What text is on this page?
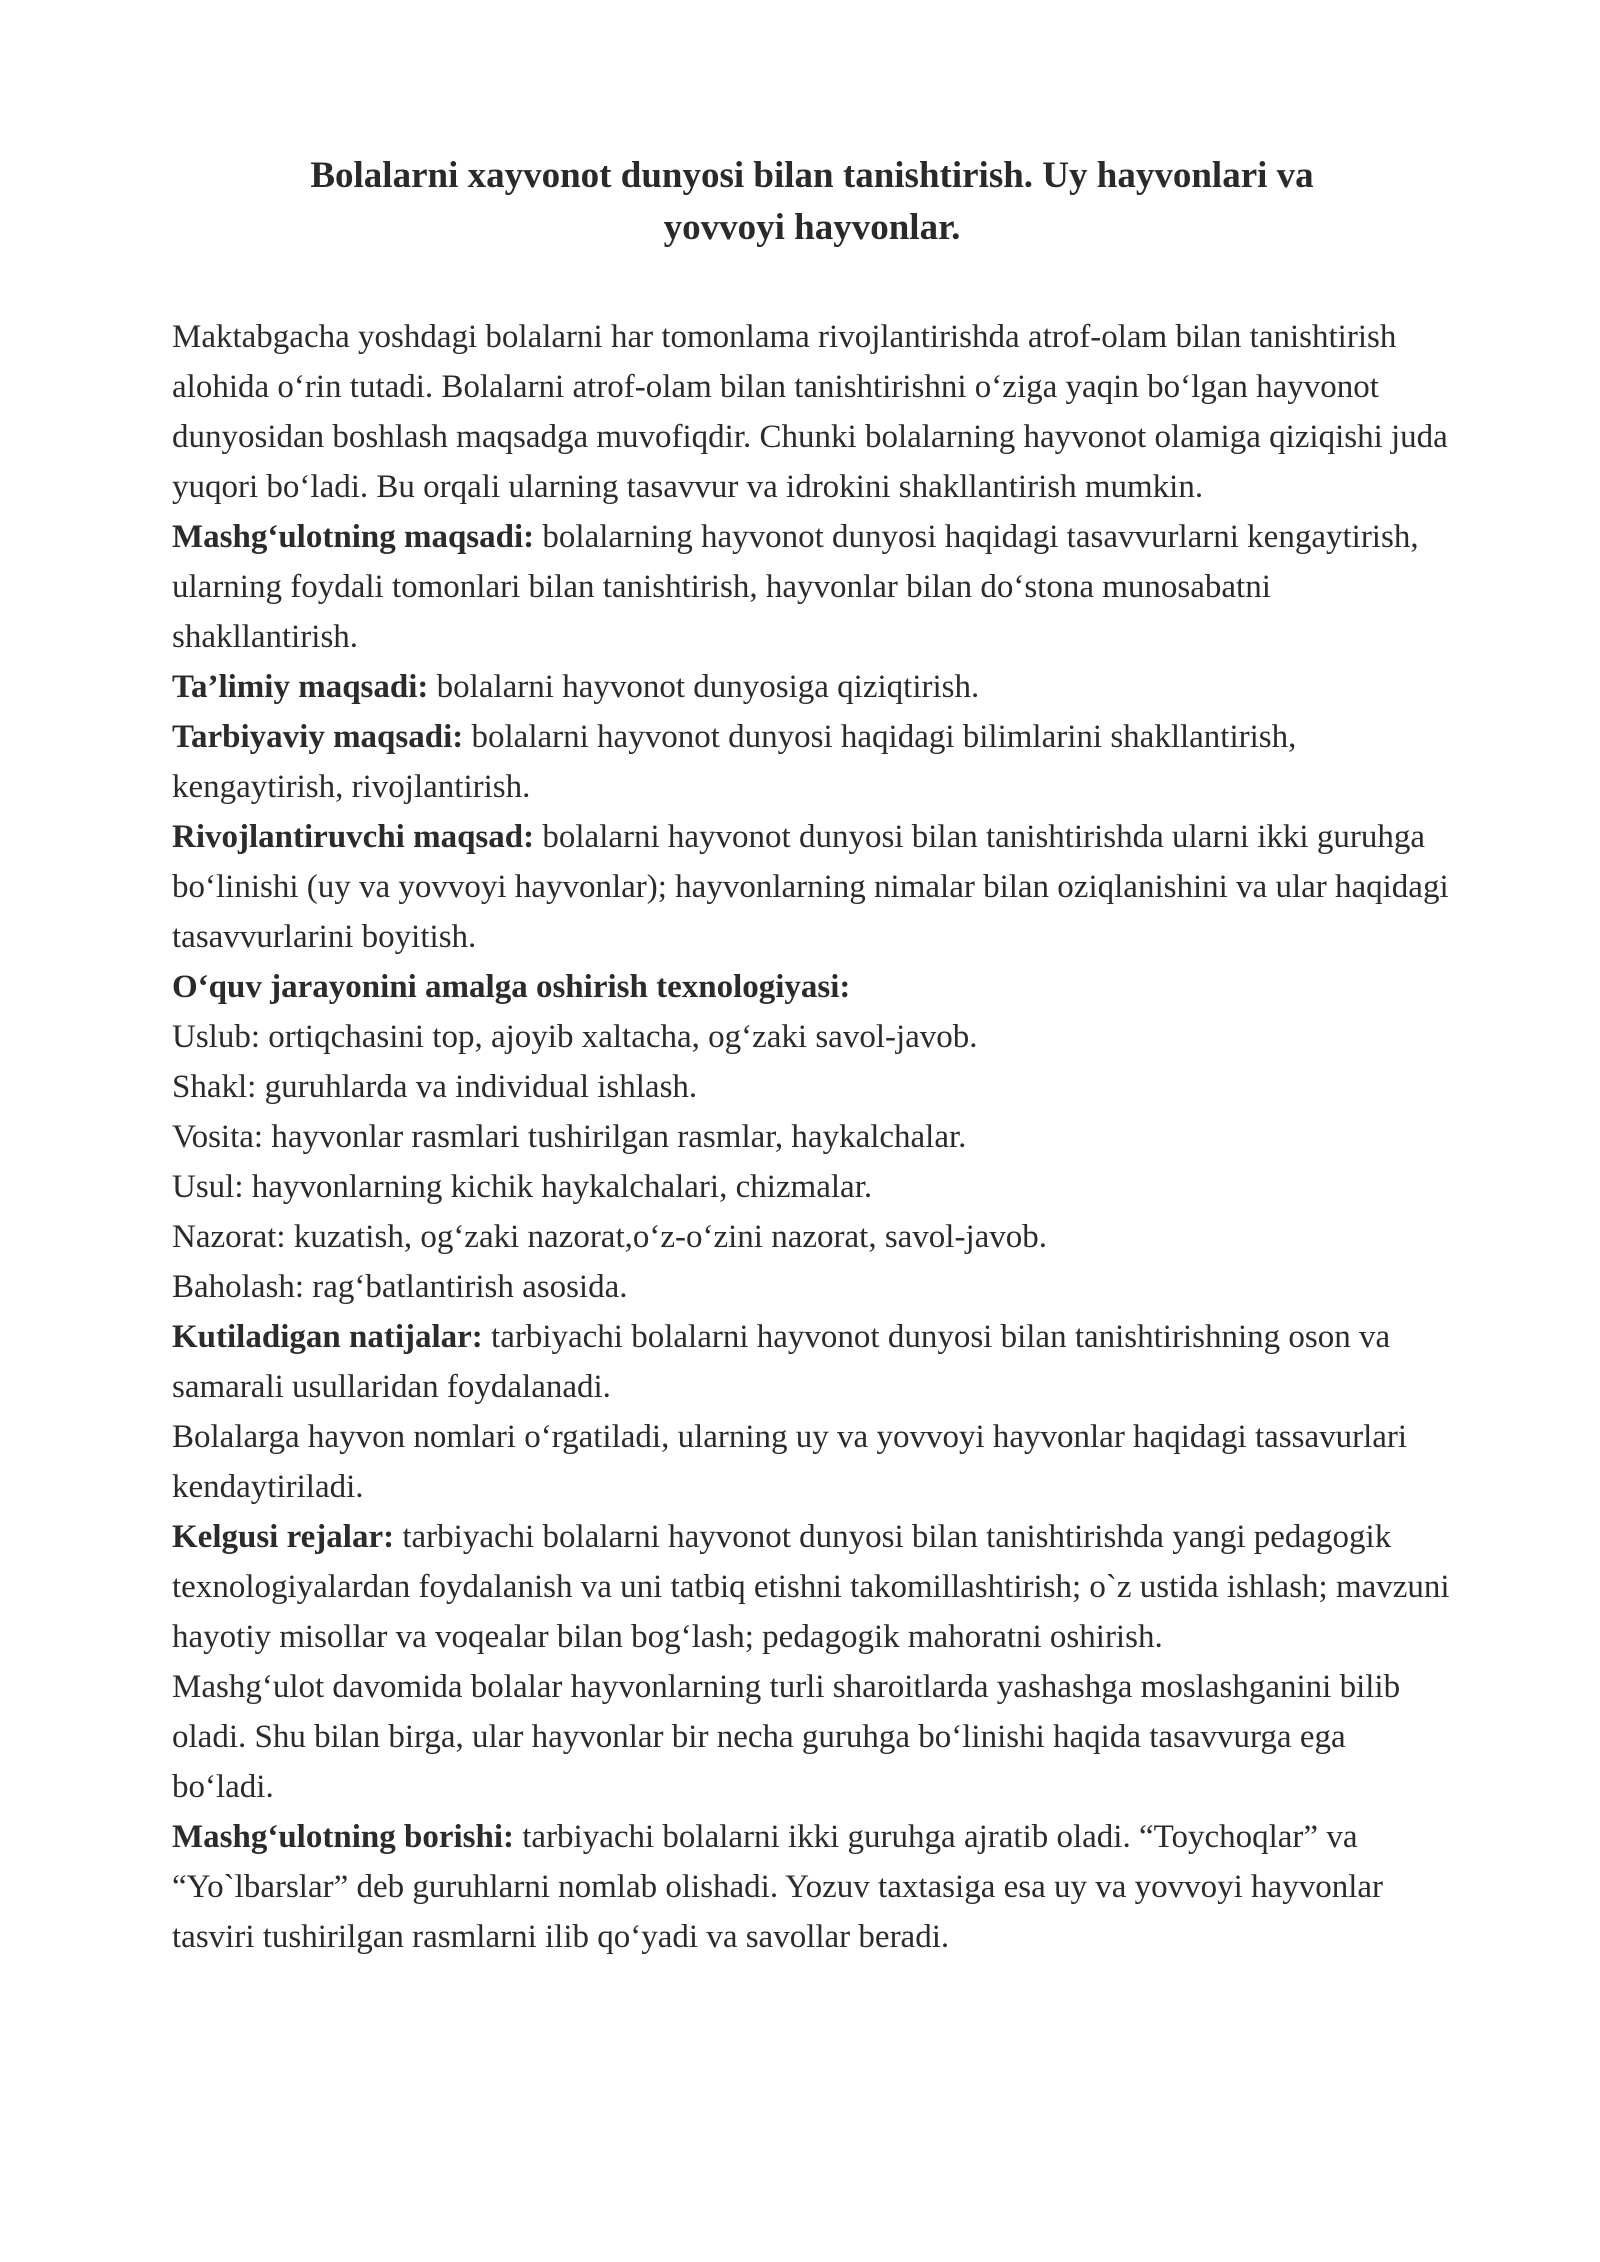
Bolalarni xayvonot dunyosi bilan tanishtirish. Uy hayvonlari va
yovvoyi hayvonlar.

Maktabgacha yoshdagi bolalarni har tomonlama rivojlantirishda atrof-olam bilan tanishtirish alohida o‘rin tutadi. Bolalarni atrof-olam bilan tanishtirishni o‘ziga yaqin bo‘lgan hayvonot dunyosidan boshlash maqsadga muvofiqdir. Chunki bolalarning hayvonot olamiga qiziqishi juda yuqori bo‘ladi. Bu orqali ularning tasavvur va idrokini shakllantirish mumkin.

Mashg‘ulotning maqsadi: bolalarning hayvonot dunyosi haqidagi tasavvurlarni kengaytirish, ularning foydali tomonlari bilan tanishtirish, hayvonlar bilan do‘stona munosabatni shakllantirish.

Ta’limiy maqsadi: bolalarni hayvonot dunyosiga qiziqtirish.

Tarbiyaviy maqsadi: bolalarni hayvonot dunyosi haqidagi bilimlarini shakllantirish, kengaytirish, rivojlantirish.

Rivojlantiruvchi maqsad: bolalarni hayvonot dunyosi bilan tanishtirishda ularni ikki guruhga bo‘linishi (uy va yovvoyi hayvonlar); hayvonlarning nimalar bilan oziqlanishini va ular haqidagi tasavvurlarini boyitish.

O‘quv jarayonini amalga oshirish texnologiyasi:

Uslub: ortiqchasini top, ajoyib xaltacha, og‘zaki savol-javob.

Shakl: guruhlarda va individual ishlash.

Vosita: hayvonlar rasmlari tushirilgan rasmlar, haykalchalar.

Usul: hayvonlarning kichik haykalchalari, chizmalar.

Nazorat: kuzatish, og‘zaki nazorat,o‘z-o‘zini nazorat, savol-javob.

Baholash: rag‘batlantirish asosida.

Kutiladigan natijalar: tarbiyachi bolalarni hayvonot dunyosi bilan tanishtirishning oson va samarali usullaridan foydalanadi.

Bolalarga hayvon nomlari o‘rgatiladi, ularning uy va yovvoyi hayvonlar haqidagi tassavurlari kendaytiriladi.

Kelgusi rejalar: tarbiyachi bolalarni hayvonot dunyosi bilan tanishtirishda yangi pedagogik texnologiyalardan foydalanish va uni tatbiq etishni takomillashtirish; o`z ustida ishlash; mavzuni hayotiy misollar va voqealar bilan bog‘lash; pedagogik mahoratni oshirish.

Mashg‘ulot davomida bolalar hayvonlarning turli sharoitlarda yashashga moslashganini bilib oladi. Shu bilan birga, ular hayvonlar bir necha guruhga bo‘linishi haqida tasavvurga ega bo‘ladi.

Mashg‘ulotning borishi: tarbiyachi bolalarni ikki guruhga ajratib oladi. “Toychoqlar” va “Yo`lbarslar” deb guruhlarni nomlab olishadi. Yozuv taxtasiga esa uy va yovvoyi hayvonlar tasviri tushirilgan rasmlarni ilib qo‘yadi va savollar beradi.
